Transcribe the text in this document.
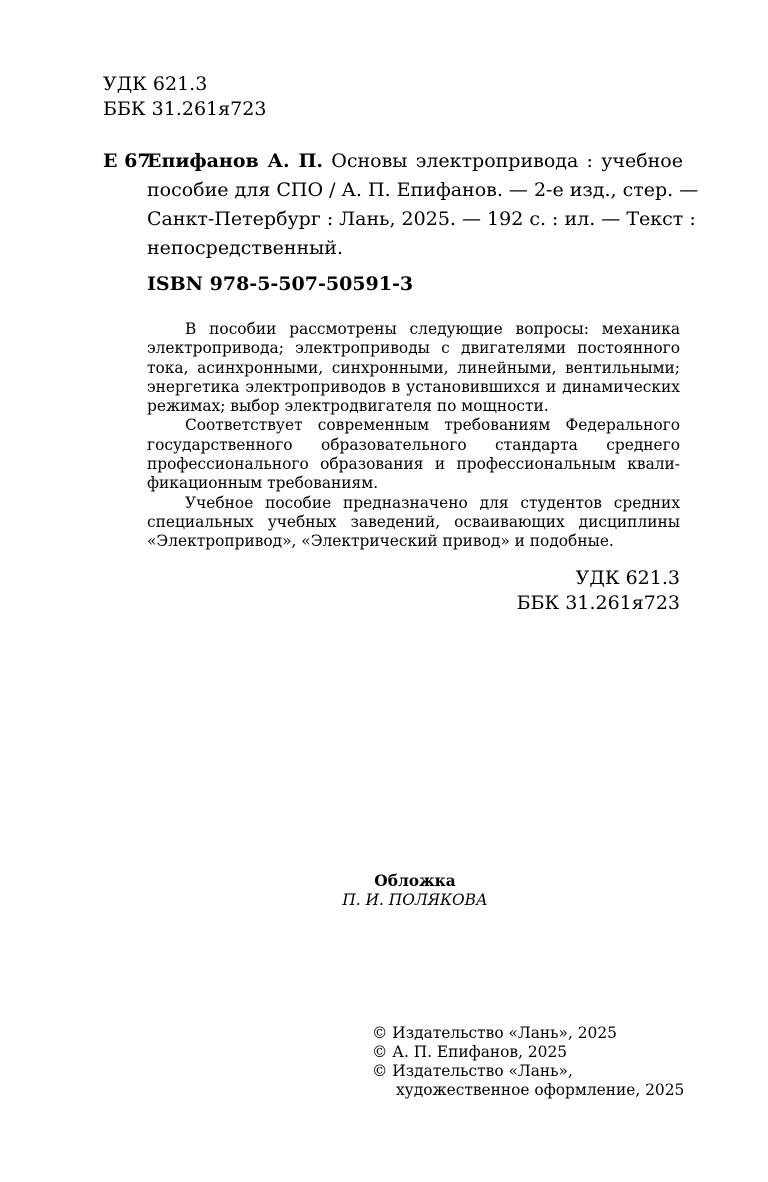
УДК 621.3
ББК 31.261я723
Е 67
Епифанов А. П. Основы электропривода : учебное
пособие для СПО / А. П. Епифанов. — 2-е изд., стер. —
Санкт-Петербург : Лань, 2025. — 192 с. : ил. — Текст :
непосредственный.
ISBN 978-5-507-50591-3
В пособии рассмотрены следующие вопросы: механика
электропривода; электроприводы с двигателями постоянного
тока, асинхронными, синхронными, линейными, вентильными;
энергетика электроприводов в установившихся и динамических
режимах; выбор электродвигателя по мощности.
Соответствует современным требованиям Федерального
государственного образовательного стандарта среднего
профессионального образования и профессиональным квали-
фикационным требованиям.
Учебное пособие предназначено для студентов средних
специальных учебных заведений, осваивающих дисциплины
«Электропривод», «Электрический привод» и подобные.
УДК 621.3
ББК 31.261я723
Обложка
П. И. ПОЛЯКОВА
© Издательство «Лань», 2025
© А. П. Епифанов, 2025
© Издательство «Лань»,
художественное оформление, 2025
